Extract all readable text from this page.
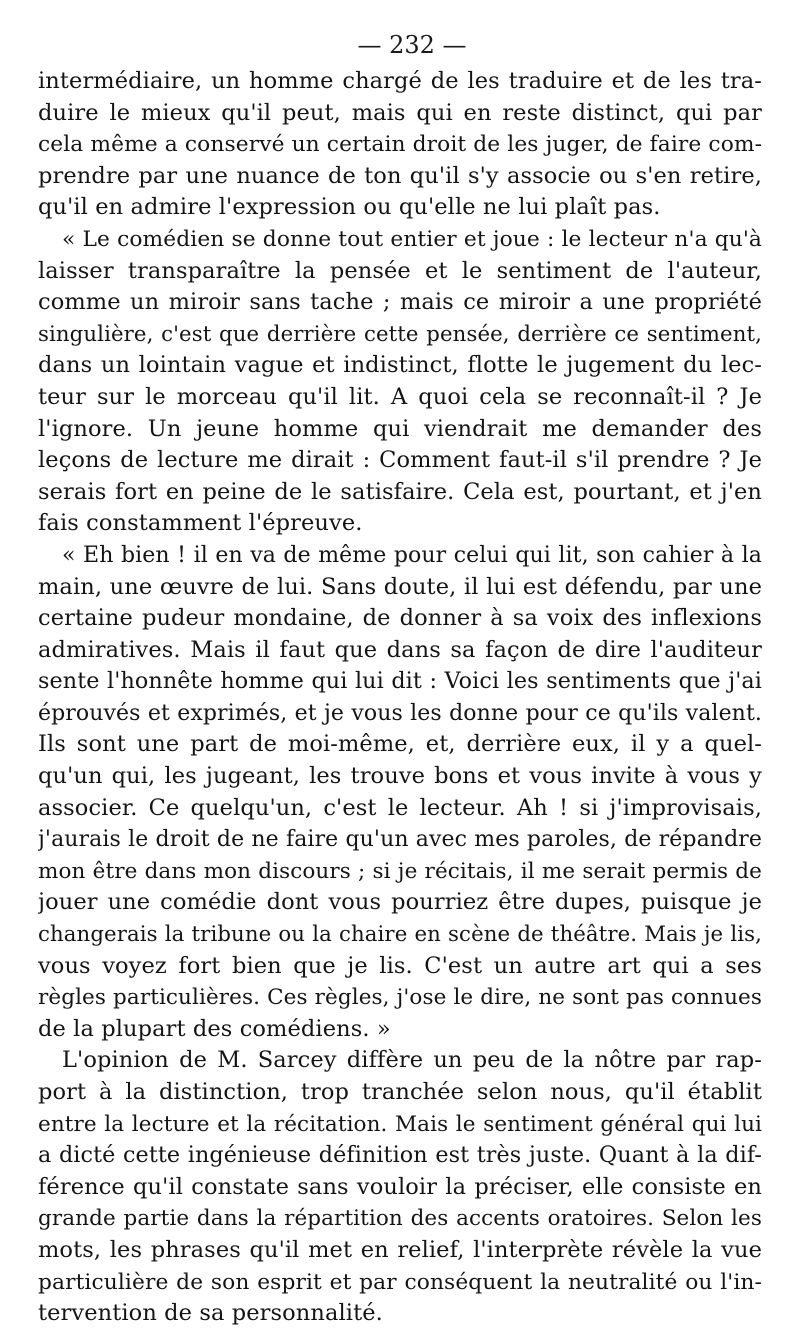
— 232 —
intermédiaire, un homme chargé de les traduire et de les tra-
duire le mieux qu'il peut, mais qui en reste distinct, qui par
cela même a conservé un certain droit de les juger, de faire com-
prendre par une nuance de ton qu'il s'y associe ou s'en retire,
qu'il en admire l'expression ou qu'elle ne lui plaît pas.
« Le comédien se donne tout entier et joue : le lecteur n'a qu'à
laisser transparaître la pensée et le sentiment de l'auteur,
comme un miroir sans tache ; mais ce miroir a une propriété
singulière, c'est que derrière cette pensée, derrière ce sentiment,
dans un lointain vague et indistinct, flotte le jugement du lec-
teur sur le morceau qu'il lit. A quoi cela se reconnaît-il ? Je
l'ignore. Un jeune homme qui viendrait me demander des
leçons de lecture me dirait : Comment faut-il s'il prendre ? Je
serais fort en peine de le satisfaire. Cela est, pourtant, et j'en
fais constamment l'épreuve.
« Eh bien ! il en va de même pour celui qui lit, son cahier à la
main, une œuvre de lui. Sans doute, il lui est défendu, par une
certaine pudeur mondaine, de donner à sa voix des inflexions
admiratives. Mais il faut que dans sa façon de dire l'auditeur
sente l'honnête homme qui lui dit : Voici les sentiments que j'ai
éprouvés et exprimés, et je vous les donne pour ce qu'ils valent.
Ils sont une part de moi-même, et, derrière eux, il y a quel-
qu'un qui, les jugeant, les trouve bons et vous invite à vous y
associer. Ce quelqu'un, c'est le lecteur. Ah ! si j'improvisais,
j'aurais le droit de ne faire qu'un avec mes paroles, de répandre
mon être dans mon discours ; si je récitais, il me serait permis de
jouer une comédie dont vous pourriez être dupes, puisque je
changerais la tribune ou la chaire en scène de théâtre. Mais je lis,
vous voyez fort bien que je lis. C'est un autre art qui a ses
règles particulières. Ces règles, j'ose le dire, ne sont pas connues
de la plupart des comédiens. »
L'opinion de M. Sarcey diffère un peu de la nôtre par rap-
port à la distinction, trop tranchée selon nous, qu'il établit
entre la lecture et la récitation. Mais le sentiment général qui lui
a dicté cette ingénieuse définition est très juste. Quant à la dif-
férence qu'il constate sans vouloir la préciser, elle consiste en
grande partie dans la répartition des accents oratoires. Selon les
mots, les phrases qu'il met en relief, l'interprète révèle la vue
particulière de son esprit et par conséquent la neutralité ou l'in-
tervention de sa personnalité.
